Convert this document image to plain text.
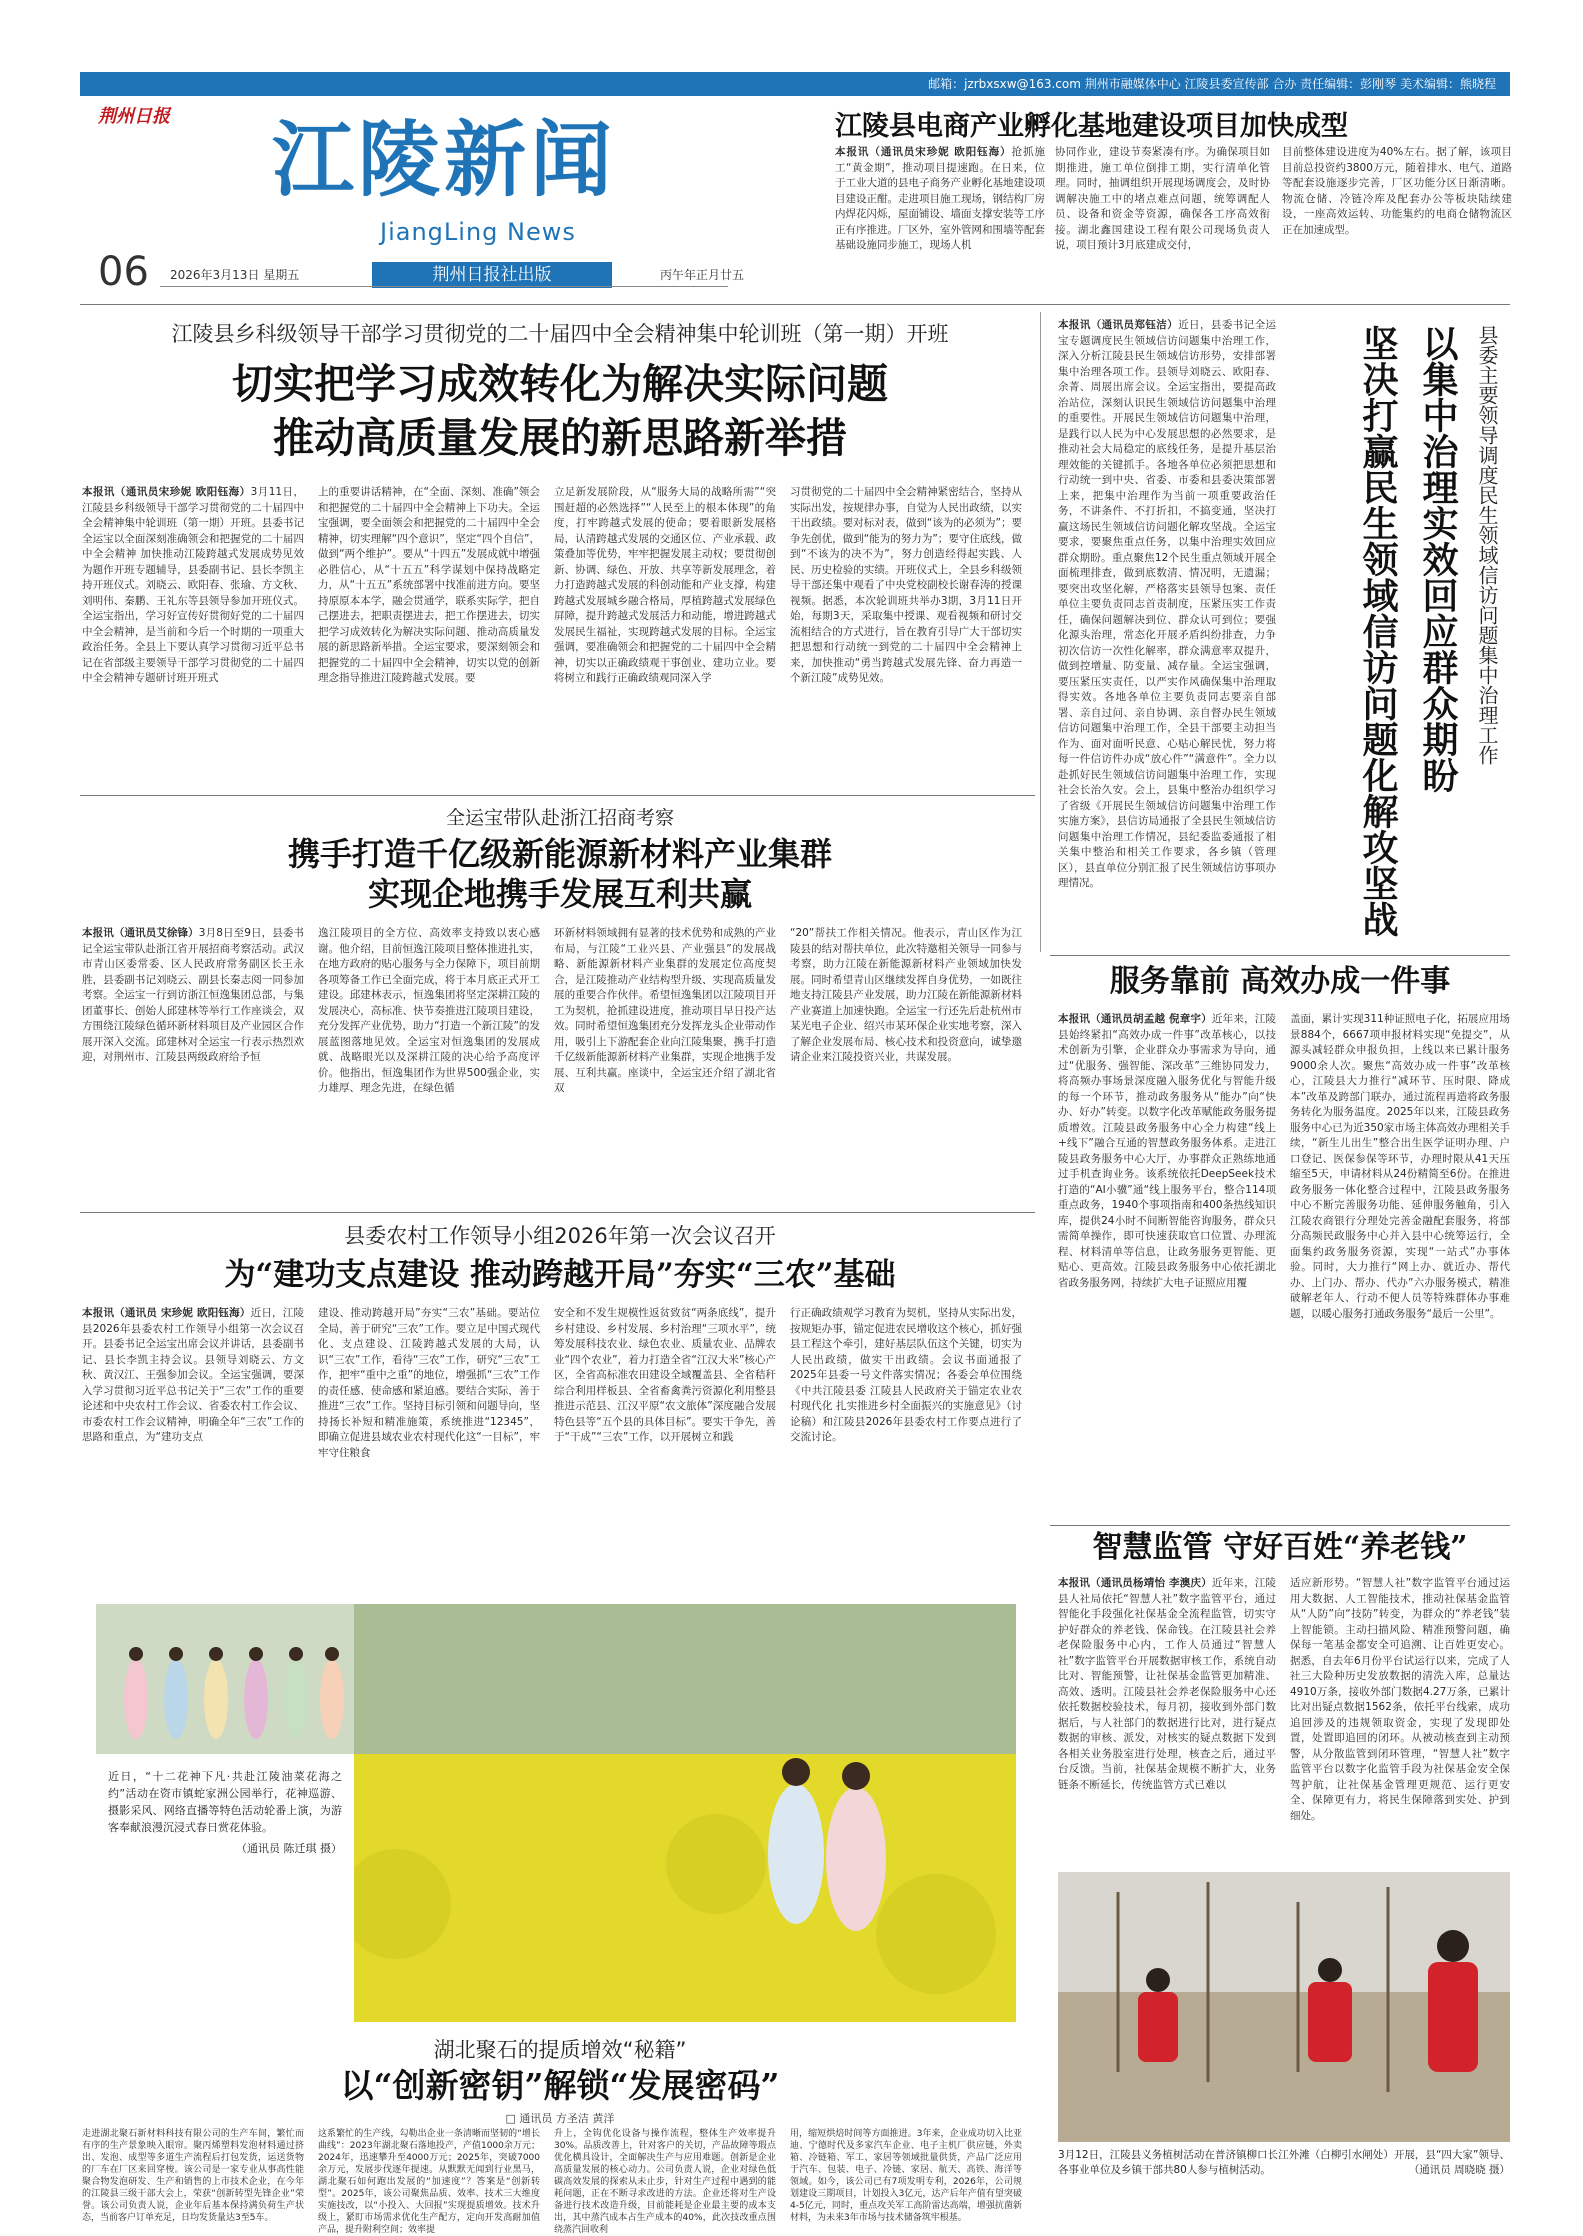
邮箱：jzrbxsxw@163.com 荆州市融媒体中心 江陵县委宣传部 合办 责任编辑：彭刚琴 美术编辑：熊晓程
荆州日报 江陵新闻
JiangLing News
06 2026年3月13日 星期五	荆州日报社出版	丙午年正月廿五
江陵县电商产业孵化基地建设项目加快成型
本报讯（通讯员宋珍妮 欧阳钰海）抢抓施工“黄金期”，推动项目提速跑。在日来，位于工业大道的县电子商务产业孵化基地建设项目建设正酣。走进项目施工现场，钢结构厂房内焊花闪烁，屋面铺设、墙面支撑安装等工序正有序推进。厂区外，室外管网和围墙等配套基础设施同步施工，现场人机
协同作业，建设节奏紧凑有序。为确保项目如期推进，施工单位倒排工期，实行清单化管理。同时，抽调组织开展现场调度会，及时协调解决施工中的堵点难点问题，统筹调配人员、设备和资金等资源，确保各工序高效衔接。湖北鑫国建设工程有限公司现场负责人说，项目预计3月底建成交付，
目前整体建设进度为40%左右。据了解，该项目目前总投资约3800万元，随着排水、电气、道路等配套设施逐步完善，厂区功能分区日渐清晰。物流仓储、冷链冷库及配套办公等板块陆续建设，一座高效运转、功能集约的电商仓储物流区正在加速成型。
江陵县乡科级领导干部学习贯彻党的二十届四中全会精神集中轮训班（第一期）开班
切实把学习成效转化为解决实际问题
推动高质量发展的新思路新举措
本报讯（通讯员宋珍妮 欧阳钰海）3月11日，江陵县乡科级领导干部学习贯彻党的二十届四中全会精神集中轮训班（第一期）开班。县委书记全运宝以全面深刻准确领会和把握党的二十届四中全会精神 加快推动江陵跨越式发展成势见效为题作开班专题辅导，县委副书记、县长李凯主持开班仪式。刘晓云、欧阳春、张瑜、方文秋、刘明伟、秦鹏、王礼东等县领导参加开班仪式。全运宝指出，学习好宣传好贯彻好党的二十届四中全会精神，是当前和今后一个时期的一项重大政治任务。全县上下要认真学习贯彻习近平总书记在省部级主要领导干部学习贯彻党的二十届四中全会精神专题研讨班开班式
上的重要讲话精神，在“全面、深刻、准确”领会和把握党的二十届四中全会精神上下功夫。全运宝强调，要全面领会和把握党的二十届四中全会精神，切实理解“四个意识”，坚定“四个自信”，做到“两个维护”。要从“十四五”发展成就中增强必胜信心，从“十五五”科学谋划中保持战略定力，从“十五五”系统部署中找准前进方向。要坚持原原本本学，融会贯通学，联系实际学，把自己摆进去，把职责摆进去，把工作摆进去，切实把学习成效转化为解决实际问题、推动高质量发展的新思路新举措。全运宝要求，要深刻领会和把握党的二十届四中全会精神，切实以党的创新理念指导推进江陵跨越式发展。要
立足新发展阶段，从“服务大局的战略所需”“突围赶超的必然选择”“人民至上的根本体现”的角度，打牢跨越式发展的使命；要着眼新发展格局，认清跨越式发展的交通区位、产业承载、政策叠加等优势，牢牢把握发展主动权；要贯彻创新、协调、绿色、开放、共享等新发展理念，着力打造跨越式发展的科创动能和产业支撑，构建跨越式发展城乡融合格局，厚植跨越式发展绿色屏障，提升跨越式发展活力和动能，增进跨越式发展民生福祉，实现跨越式发展的目标。全运宝强调，要准确领会和把握党的二十届四中全会精神，切实以正确政绩观干事创业、建功立业。要将树立和践行正确政绩观同深入学
习贯彻党的二十届四中全会精神紧密结合，坚持从实际出发，按规律办事，自觉为人民出政绩，以实干出政绩。要对标对表，做到“该为的必须为”；要争先创优，做到“能为的努力为”；要守住底线，做到“不该为的决不为”，努力创造经得起实践、人民、历史检验的实绩。开班仪式上，全县乡科级领导干部还集中观看了中央党校副校长谢春涛的授课视频。据悉，本次轮训班共举办3期，3月11日开始，每期3天，采取集中授课、观看视频和研讨交流相结合的方式进行，旨在教育引导广大干部切实把思想和行动统一到党的二十届四中全会精神上来，加快推动“勇当跨越式发展先锋、奋力再造一个新江陵”成势见效。
本报讯（通讯员郑钰洁）近日，县委书记全运宝专题调度民生领域信访问题集中治理工作，深入分析江陵县民生领域信访形势，安排部署集中治理各项工作。县领导刘晓云、欧阳春、余菁、周展出席会议。全运宝指出，要提高政治站位，深刻认识民生领域信访问题集中治理的重要性。开展民生领域信访问题集中治理，是践行以人民为中心发展思想的必然要求，是推动社会大局稳定的底线任务，是提升基层治理效能的关键抓手。各地各单位必须把思想和行动统一到中央、省委、市委和县委决策部署上来，把集中治理作为当前一项重要政治任务，不讲条件、不打折扣，不搞变通，坚决打赢这场民生领域信访问题化解攻坚战。全运宝要求，要聚焦重点任务，以集中治理实效回应群众期盼。重点聚焦12个民生重点领域开展全面梳理排查，做到底数清、情况明，无遗漏；要突出攻坚化解，严格落实县领导包案、责任单位主要负责同志首责制度，压紧压实工作责任，确保问题解决到位、群众认可到位；要强化源头治理，常态化开展矛盾纠纷排查，力争初次信访一次性化解率，群众满意率双提升，做到控增量、防变量、减存量。全运宝强调，要压紧压实责任，以严实作风确保集中治理取得实效。各地各单位主要负责同志要亲自部署、亲自过问、亲自协调、亲自督办民生领域信访问题集中治理工作，全县干部要主动担当作为、面对面听民意、心贴心解民忧，努力将每一件信访件办成“放心件”“满意件”。全力以赴抓好民生领域信访问题集中治理工作，实现社会长治久安。会上，县集中整治办组织学习了省级《开展民生领域信访问题集中治理工作实施方案》，县信访局通报了全县民生领域信访问题集中治理工作情况，县纪委监委通报了相关集中整治和相关工作要求，各乡镇（管理区），县直单位分别汇报了民生领域信访事项办理情况。
县委主要领导调度民生领域信访问题集中治理工作
以集中治理实效回应群众期盼
坚决打赢民生领域信访问题化解攻坚战
全运宝带队赴浙江招商考察
携手打造千亿级新能源新材料产业集群
实现企地携手发展互利共赢
本报讯（通讯员艾徐锋）3月8日至9日，县委书记全运宝带队赴浙江省开展招商考察活动。武汉市青山区委常委、区人民政府常务副区长王永胜，县委副书记刘晓云、副县长秦志阅一同参加考察。全运宝一行到访浙江恒逸集团总部，与集团董事长、创始人邱建林等举行工作座谈会，双方围绕江陵绿色循环新材料项目及产业园区合作展开深入交流。邱建林对全运宝一行表示热烈欢迎，对荆州市、江陵县两级政府给予恒
逸江陵项目的全方位、高效率支持致以衷心感谢。他介绍，目前恒逸江陵项目整体推进扎实，在地方政府的贴心服务与全力保障下，项目前期各项筹备工作已全面完成，将于本月底正式开工建设。邱建林表示，恒逸集团将坚定深耕江陵的发展决心，高标准、快节奏推进江陵项目建设，充分发挥产业优势，助力“打造一个新江陵”的发展蓝图落地见效。全运宝对恒逸集团的发展成就、战略眼光以及深耕江陵的决心给予高度评价。他指出，恒逸集团作为世界500强企业，实力雄厚、理念先进，在绿色循
环新材料领域拥有显著的技术优势和成熟的产业布局，与江陵“工业兴县、产业强县”的发展战略、新能源新材料产业集群的发展定位高度契合，是江陵推动产业结构型升级、实现高质量发展的重要合作伙伴。希望恒逸集团以江陵项目开工为契机，抢抓建设进度，推动项目早日投产达效。同时希望恒逸集团充分发挥龙头企业带动作用，吸引上下游配套企业向江陵集聚，携手打造千亿级新能源新材料产业集群，实现企地携手发展、互利共赢。座谈中，全运宝还介绍了湖北省双
“20”帮扶工作相关情况。他表示，青山区作为江陵县的结对帮扶单位，此次特邀相关领导一同参与考察，助力江陵在新能源新材料产业领域加快发展。同时希望青山区继续发挥自身优势，一如既往地支持江陵县产业发展，助力江陵在新能源新材料产业赛道上加速快跑。全运宝一行还先后赴杭州市某光电子企业、绍兴市某环保企业实地考察，深入了解企业发展布局、核心技术和投资意向，诚挚邀请企业来江陵投资兴业，共谋发展。
服务靠前 高效办成一件事
本报讯（通讯员胡孟越 倪章宇）近年来，江陵县始终紧扣“高效办成一件事”改革核心，以技术创新为引擎，企业群众办事需求为导向，通过“优服务、强智能、深改革”三维协同发力，将高频办事场景深度融入服务优化与智能升级的每一个环节，推动政务服务从“能办”向“快办、好办”转变。以数字化改革赋能政务服务提质增效。江陵县政务服务中心全力构建“线上+线下”融合互通的智慧政务服务体系。走进江陵县政务服务中心大厅，办事群众正熟练地通过手机查询业务。该系统依托DeepSeek技术打造的“AI小骥”通“线上服务平台，整合114项重点政务，1940个事项指南和400条热线知识库，提供24小时不间断智能咨询服务，群众只需简单操作，即可快速获取官口位置、办理流程、材料清单等信息，让政务服务更智能、更贴心、更高效。江陵县政务服务中心依托湖北省政务服务网，持续扩大电子证照应用覆
盖面，累计实现311种证照电子化，拓展应用场景884个，6667项申报材料实现“免提交”，从源头减轻群众申报负担，上线以来已累计服务9000余人次。聚焦“高效办成一件事”改革核心，江陵县大力推行“减环节、压时限、降成本”改革及跨部门联办，通过流程再造将政务服务转化为服务温度。2025年以来，江陵县政务服务中心已为近350家市场主体高效办理相关手续，“新生儿出生”整合出生医学证明办理、户口登记、医保参保等环节，办理时限从41天压缩至5天，申请材料从24份精简至6份。在推进政务服务一体化整合过程中，江陵县政务服务中心不断完善服务功能、延伸服务触角，引入江陵农商银行分理处完善金融配套服务，将部分高频民政服务中心并入县中心统筹运行，全面集约政务服务资源，实现“一站式”办事体验。同时，大力推行“网上办、就近办、帮代办、上门办、帮办、代办”六办服务模式，精准破解老年人、行动不便人员等特殊群体办事难题，以暖心服务打通政务服务“最后一公里”。
县委农村工作领导小组2026年第一次会议召开
为“建功支点建设 推动跨越开局”夯实“三农”基础
本报讯（通讯员 宋珍妮 欧阳钰海）近日，江陵县2026年县委农村工作领导小组第一次会议召开。县委书记全运宝出席会议并讲话，县委副书记、县长李凯主持会议。县领导刘晓云、方文秋、黄汉江、王强参加会议。全运宝强调，要深入学习贯彻习近平总书记关于“三农”工作的重要论述和中央农村工作会议、省委农村工作会议、市委农村工作会议精神，明确全年“三农”工作的思路和重点，为“建功支点
建设、推动跨越开局”夯实“三农”基础。要站位全局，善于研究“三农”工作。要立足中国式现代化、支点建设、江陵跨越式发展的大局，认识“三农”工作，看待“三农”工作，研究“三农”工作，把牢“重中之重”的地位，增强抓“三农”工作的责任感、使命感和紧迫感。要结合实际，善于推进“三农”工作。坚持目标引领和问题导向，坚持扬长补短和精准施策，系统推进“12345”，即确立促进县域农业农村现代化这“一目标”，牢牢守住粮食
安全和不发生规模性返贫致贫“两条底线”，提升乡村建设、乡村发展、乡村治理“三项水平”，统筹发展科技农业、绿色农业、质量农业、品牌农业“四个农业”，着力打造全省“江汉大米”核心产区，全省高标准农田建设全域覆盖县、全省秸秆综合利用样板县、全省畜禽粪污资源化利用整县推进示范县、江汉平原“农文旅体”深度融合发展特色县等“五个县的具体目标”。要实干争先，善于“干成”“三农”工作，以开展树立和践
行正确政绩观学习教育为契机，坚持从实际出发，按规矩办事，锚定促进农民增收这个核心，抓好强县工程这个牵引，建好基层队伍这个关键，切实为人民出政绩，做实干出政绩。会议书面通报了2025年县委一号文件落实情况；各委会单位围绕《中共江陵县委 江陵县人民政府关于锚定农业农村现代化 扎实推进乡村全面振兴的实施意见》（讨论稿）和江陵县2026年县委农村工作要点进行了交流讨论。
近日，“十二花神下凡·共赴江陵油菜花海之约”活动在资市镇蛇家洲公园举行，花神巡游、摄影采风、网络直播等特色活动轮番上演，为游客奉献浪漫沉浸式春日赏花体验。
（通讯员 陈迁琪 摄）
智慧监管 守好百姓“养老钱”
本报讯（通讯员杨靖怡 李澳庆）近年来，江陵县人社局依托“智慧人社”数字监管平台，通过智能化手段强化社保基金全流程监管，切实守护好群众的养老钱、保命钱。在江陵县社会养老保险服务中心内，工作人员通过“智慧人社”数字监管平台开展数据审核工作，系统自动比对、智能预警，让社保基金监管更加精准、高效、透明。江陵县社会养老保险服务中心还依托数据校验技术，每月初，接收到外部门数据后，与人社部门的数据进行比对，进行疑点数据的审核、派发，对核实的疑点数据下发到各相关业务股室进行处理，核查之后，通过平台反馈。当前，社保基金规模不断扩大，业务链条不断延长，传统监管方式已难以
适应新形势。“智慧人社”数字监管平台通过运用大数据、人工智能技术，推动社保基金监管从“人防”向“技防”转变，为群众的“养老钱”装上智能锁。主动扫描风险、精准预警问题，确保每一笔基金都安全可追溯、让百姓更安心。据悉，自去年6月份平台试运行以来，完成了人社三大险种历史发放数据的清洗入库，总量达4910万条，接收外部门数据4.27万条，已累计比对出疑点数据1562条，依托平台线索，成功追回涉及的违规领取资金，实现了发现即处置，处置即追回的闭环。从被动核查到主动预警，从分散监管到闭环管理，“智慧人社”数字监管平台以数字化监管手段为社保基金安全保驾护航，让社保基金管理更规范、运行更安全、保障更有力，将民生保障落到实处、护到细处。
3月12日，江陵县义务植树活动在普济镇柳口长江外滩（白柳引水闸处）开展，县“四大家”领导、各事业单位及乡镇干部共80人参与植树活动。	（通讯员 周晓晓 摄）
湖北聚石的提质增效“秘籍”
以“创新密钥”解锁“发展密码”
□ 通讯员 方圣洁 黄洋
走进湖北聚石新材料科技有限公司的生产车间，繁忙而有序的生产景象映入眼帘。聚丙烯塑料发泡材料通过挤出、发泡、成型等多道生产流程后打包发货，运送货物的厂车在厂区来回穿梭。该公司是一家专业从事高性能聚合物发泡研发、生产和销售的上市技术企业，在今年的江陵县三级干部大会上，荣获“创新转型先锋企业”荣誉。该公司负责人说，企业年后基本保持满负荷生产状态，当前客户订单充足，日均发货量达3至5车。
这系繁忙的生产线，勾勒出企业一条清晰而坚韧的“增长曲线”：2023年湖北聚石落地投产，产值1000余万元；2024年，迅速攀升至4000万元；2025年，突破7000余万元，发展步伐逐年提速。从默默无闻到行业黑马，湖北聚石如何跑出发展的“加速度”？答案是“创新转型”。2025年，该公司聚焦品质、效率、技术三大维度实施技改，以“小投入、大回报”实现提质增效。技术升级上，紧盯市场需求优化生产配方，定向开发高耐加值产品，提升附利空间；效率提
升上，全钩优化设备与操作流程，整体生产效率提升30%。品质改善上，针对客户的关切，产品故障等瑕点优化横具设计，全面解决生产与应用难题。创新是企业高质量发展的核心动力。公司负责人说，企业对绿色低碳高效发展的探索从未止步，针对生产过程中遇到的能耗问题，正在不断寻求改进的方法。企业还将对生产设备进行技术改造升级，目前能耗是企业最主要的成本支出，其中蒸汽成本占生产成本的40%，此次技改重点围绕蒸汽回收利
用，缩短烘焙时间等方面推进。3年来，企业成功切入比亚迪、宁德时代及多家汽车企业、电子主机厂供应链，外卖箱、冷链箱、军工、家居等领域批量供货，产品广泛应用于汽车、包装、电子、冷链、家居、航天、高铁、海洋等领域。如今，该公司已有7项发明专利，2026年，公司规划建设三期项目，计划投入3亿元，达产后年产值有望突破4-5亿元，同时，重点攻关军工高阶雷达高端，增强抗菌新材料，为未来3年市场与技术储备筑牢根基。
